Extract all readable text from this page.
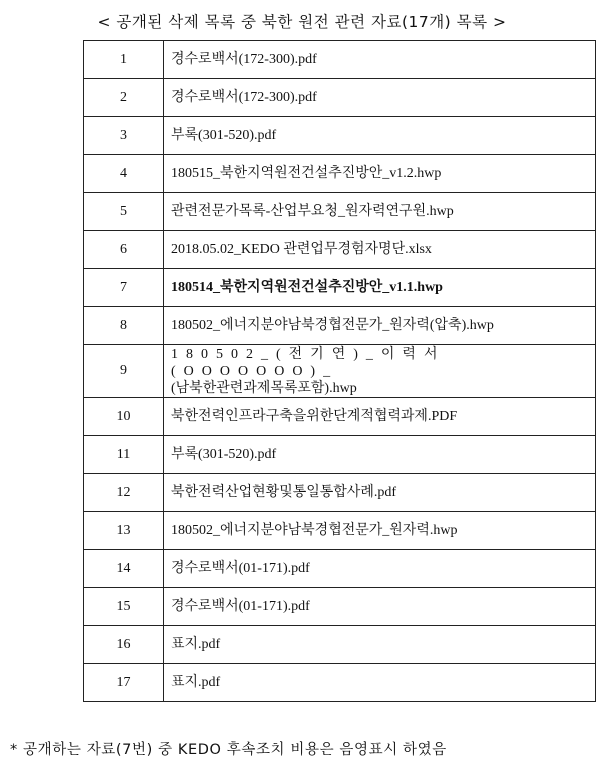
< 공개된 삭제 목록 중 북한 원전 관련 자료(17개) 목록 >
1	경수로백서(172-300).pdf
2	경수로백서(172-300).pdf
3	부록(301-520).pdf
4	180515_북한지역원전건설추진방안_v1.2.hwp
5	관련전문가목록-산업부요청_원자력연구원.hwp
6	2018.05.02_KEDO 관련업무경험자명단.xlsx
7	180514_북한지역원전건설추진방안_v1.1.hwp
8	180502_에너지분야남북경협전문가_원자력(압축).hwp
9	180502_(전기연)_이력서(OOOOOOO)_
(남북한관련과제목록포함).hwp

10	북한전력인프라구축을위한단계적협력과제.PDF
11	부록(301-520).pdf
12	북한전력산업현황및통일통합사례.pdf
13	180502_에너지분야남북경협전문가_원자력.hwp
14	경수로백서(01-171).pdf
15	경수로백서(01-171).pdf
16	표지.pdf
17	표지.pdf
* 공개하는 자료(7번) 중 KEDO 후속조치 비용은 음영표시 하였음
